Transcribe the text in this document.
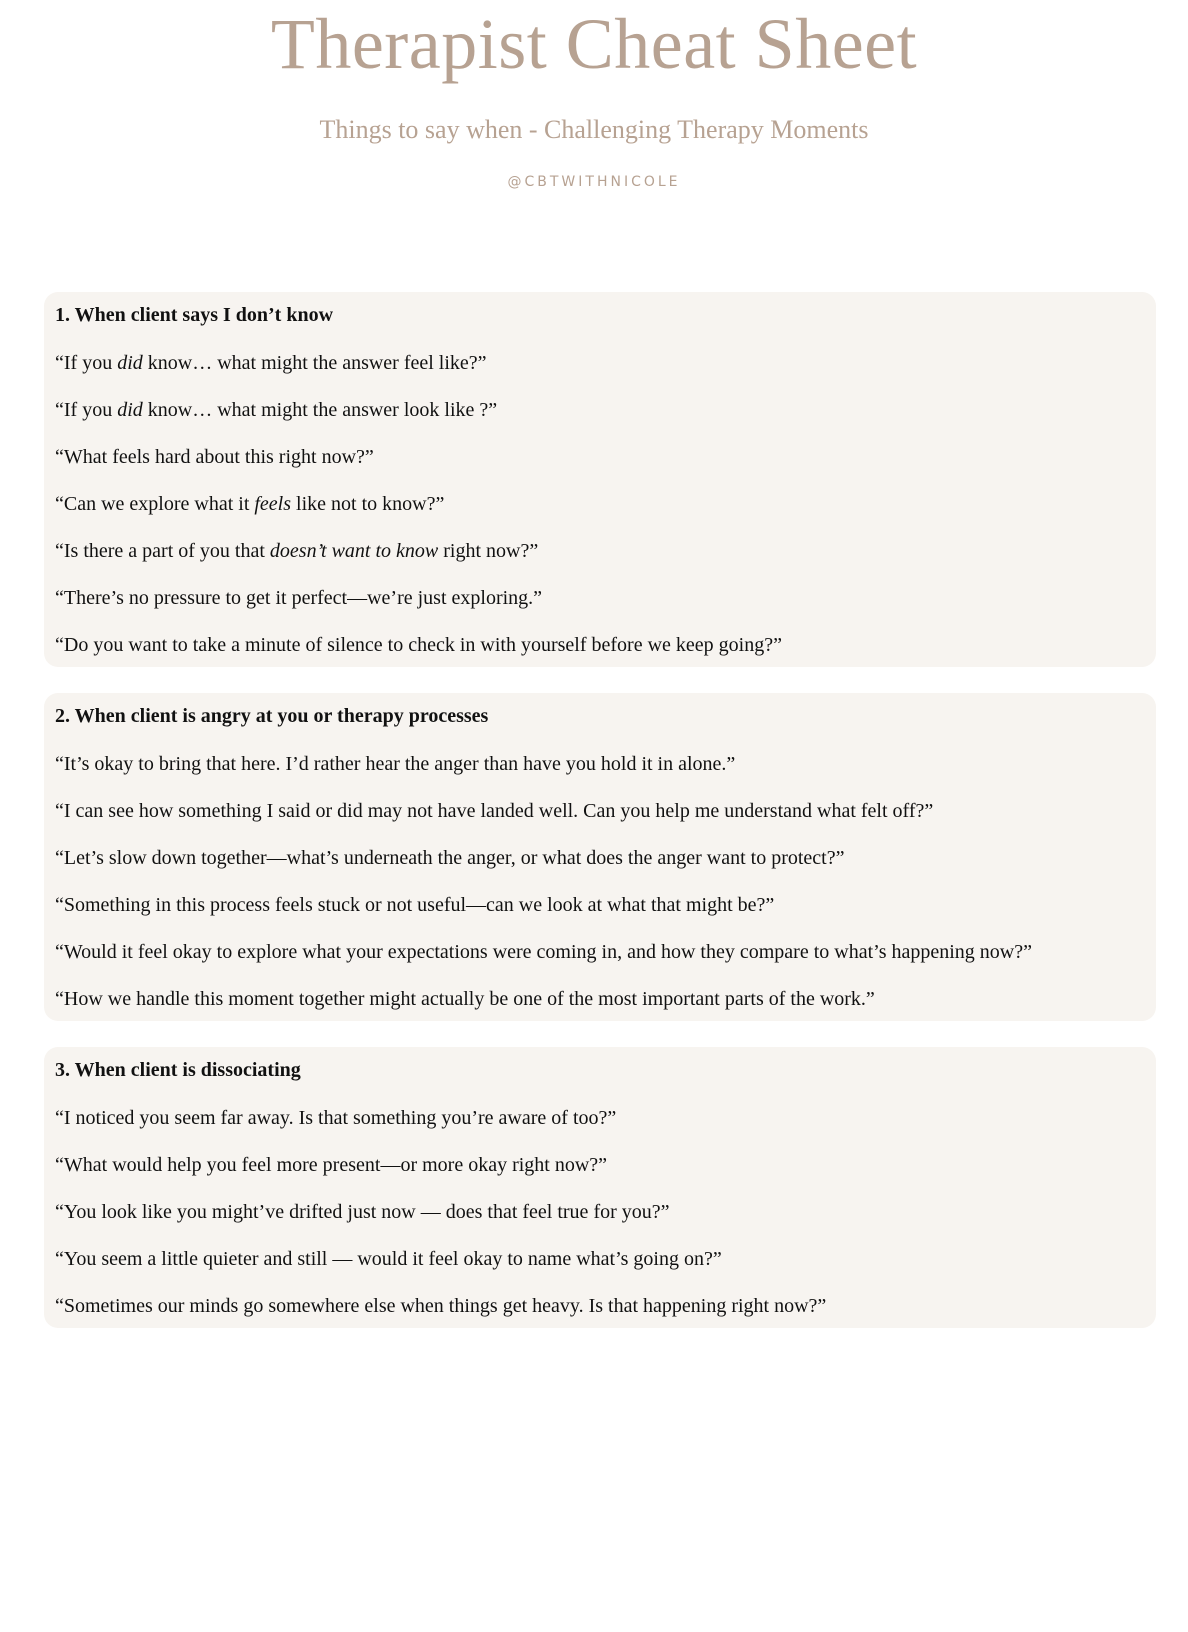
Therapist Cheat Sheet
Things to say when - Challenging Therapy Moments
@CBTWITHNICOLE
1. When client says I don’t know
“If you did know… what might the answer feel like?”
“If you did know… what might the answer look like ?”
“What feels hard about this right now?”
“Can we explore what it feels like not to know?”
“Is there a part of you that doesn’t want to know right now?”
“There’s no pressure to get it perfect—we’re just exploring.”
“Do you want to take a minute of silence to check in with yourself before we keep going?”
2. When client is angry at you or therapy processes
“It’s okay to bring that here. I’d rather hear the anger than have you hold it in alone.”
“I can see how something I said or did may not have landed well. Can you help me understand what felt off?”
“Let’s slow down together—what’s underneath the anger, or what does the anger want to protect?”
“Something in this process feels stuck or not useful—can we look at what that might be?”
“Would it feel okay to explore what your expectations were coming in, and how they compare to what’s happening now?”
“How we handle this moment together might actually be one of the most important parts of the work.”
3. When client is dissociating
“I noticed you seem far away. Is that something you’re aware of too?”
“What would help you feel more present—or more okay right now?”
“You look like you might’ve drifted just now — does that feel true for you?”
“You seem a little quieter and still — would it feel okay to name what’s going on?”
“Sometimes our minds go somewhere else when things get heavy. Is that happening right now?”
